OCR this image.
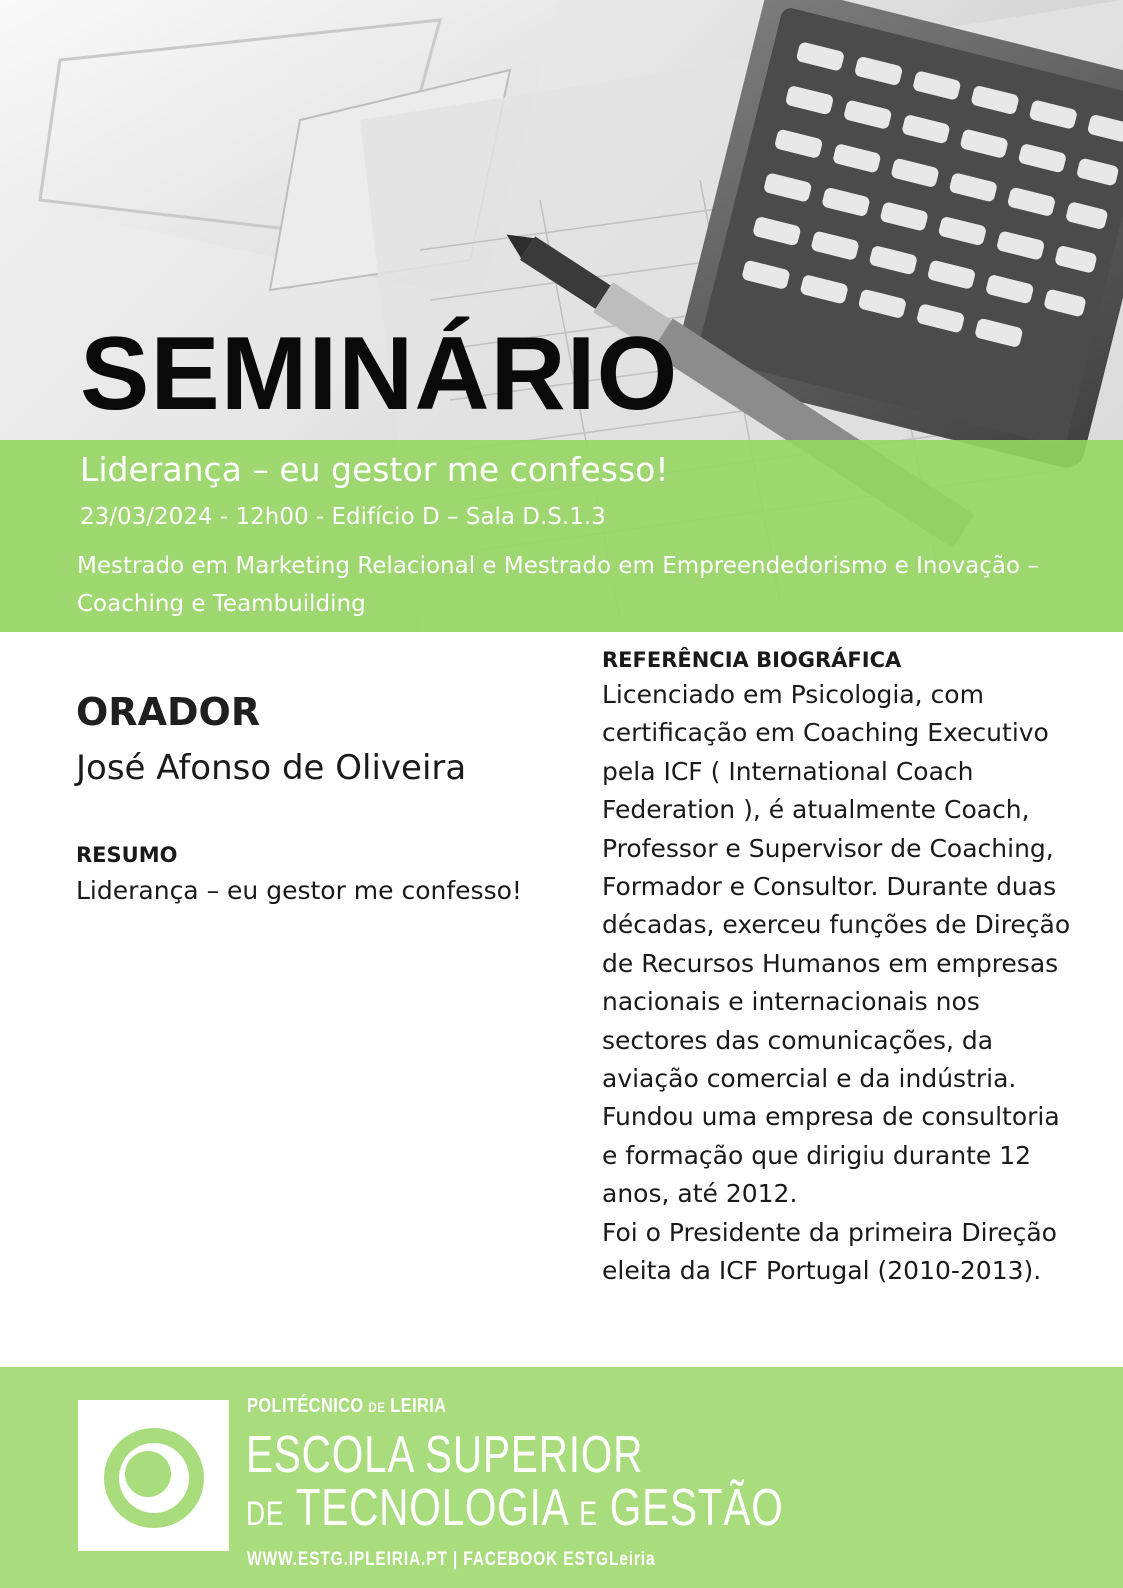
SEMINÁRIO
Liderança – eu gestor me confesso!
23/03/2024 - 12h00 - Edifício D – Sala D.S.1.3
Mestrado em Marketing Relacional e Mestrado em Empreendedorismo e Inovação – Coaching e Teambuilding
ORADOR
José Afonso de Oliveira
RESUMO
Liderança – eu gestor me confesso!
REFERÊNCIA BIOGRÁFICA
Licenciado em Psicologia, com certificação em Coaching Executivo pela ICF ( International Coach Federation ), é atualmente Coach, Professor e Supervisor de Coaching, Formador e Consultor. Durante duas décadas, exerceu funções de Direção de Recursos Humanos em empresas nacionais e internacionais nos sectores das comunicações, da aviação comercial e da indústria.
Fundou uma empresa de consultoria e formação que dirigiu durante 12 anos, até 2012.
Foi o Presidente da primeira Direção eleita da ICF Portugal (2010-2013).
POLITÉCNICO DE LEIRIA
ESCOLA SUPERIOR
DE TECNOLOGIA E GESTÃO
WWW.ESTG.IPLEIRIA.PT | FACEBOOK ESTGLeiria
